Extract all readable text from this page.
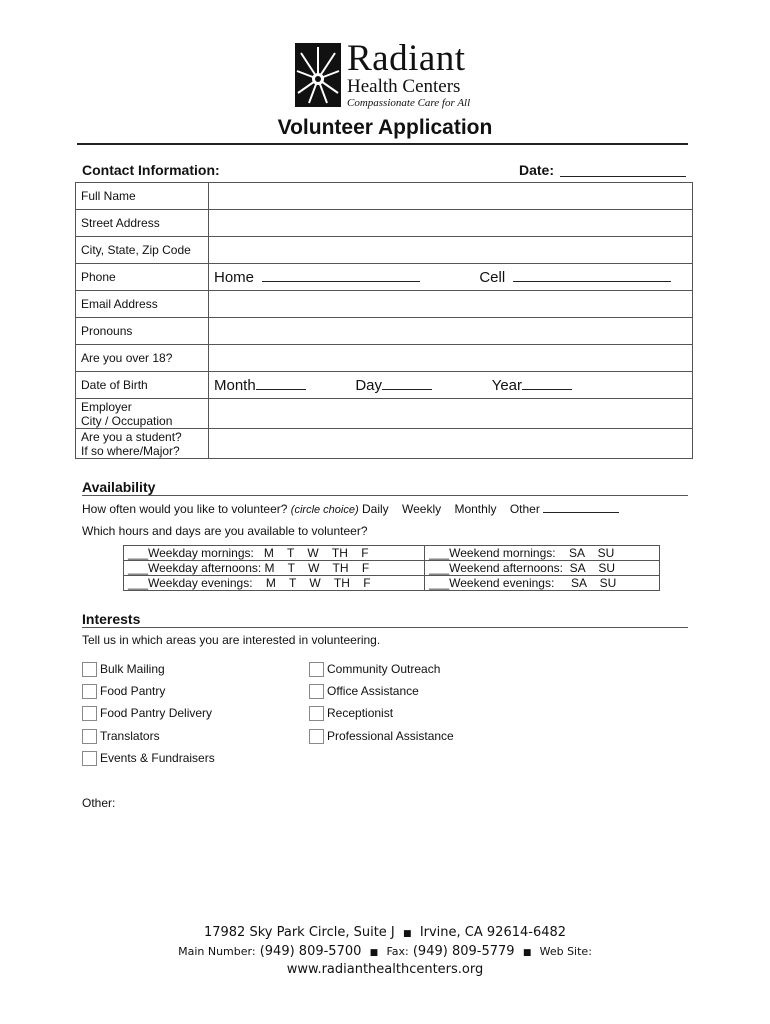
Radiant
Health Centers
Compassionate Care for All
Volunteer Application
Contact Information:	Date:
Full Name	
Street Address	
City, State, Zip Code	
Phone	Home Cell
Email Address	
Pronouns	
Are you over 18?	
Date of Birth	Month Day Year

Employer
City / Occupation	

Are you a student?
If so where/Major?	

Availability
How often would you like to volunteer? (circle choice) Daily    Weekly    Monthly    Other
Which hours and days are you available to volunteer?
___Weekday mornings:   M    T    W    TH    F	___Weekend mornings:    SA    SU
___Weekday afternoons: M    T    W    TH    F	___Weekend afternoons:  SA    SU
___Weekday evenings:    M    T    W    TH    F	___Weekend evenings:     SA    SU
Interests
Tell us in which areas you are interested in volunteering.
Bulk Mailing
Food Pantry
Food Pantry Delivery
Translators
Events & Fundraisers
Community Outreach
Office Assistance
Receptionist
Professional Assistance
Other:
17982 Sky Park Circle, Suite J ■ Irvine, CA 92614-6482
Main Number: (949) 809-5700 ■ Fax: (949) 809-5779 ■ Web Site:
www.radianthealthcenters.org
